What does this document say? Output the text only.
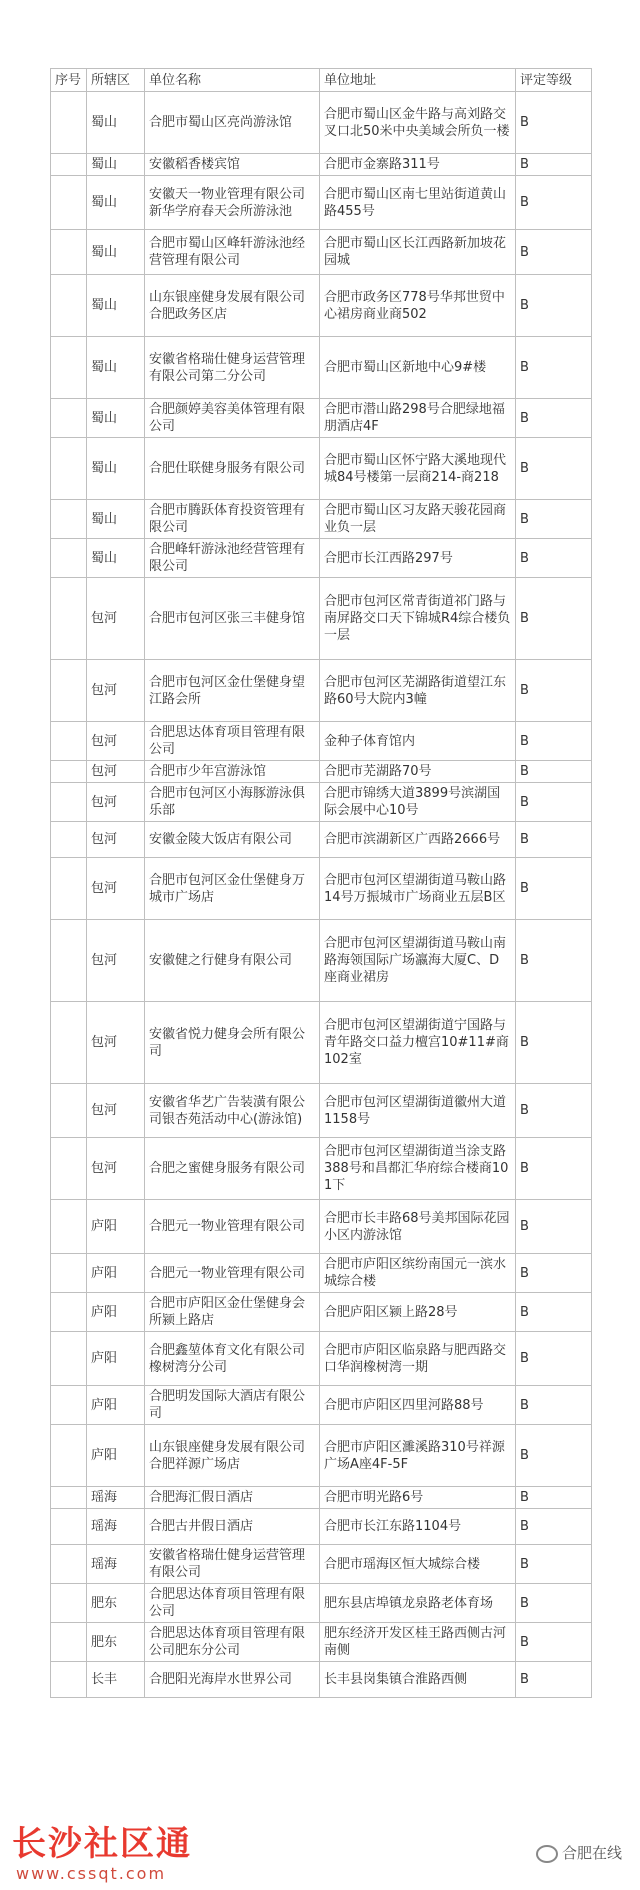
序号	所辖区	单位名称	单位地址	评定等级
	蜀山	合肥市蜀山区亮尚游泳馆	合肥市蜀山区金牛路与高刘路交叉口北50米中央美域会所负一楼	B
	蜀山	安徽稻香楼宾馆	合肥市金寨路311号	B
	蜀山	安徽天一物业管理有限公司新华学府春天会所游泳池	合肥市蜀山区南七里站街道黄山路455号	B
	蜀山	合肥市蜀山区峰轩游泳池经营管理有限公司	合肥市蜀山区长江西路新加坡花园城	B
	蜀山	山东银座健身发展有限公司合肥政务区店	合肥市政务区778号华邦世贸中心裙房商业商502	B
	蜀山	安徽省格瑞仕健身运营管理有限公司第二分公司	合肥市蜀山区新地中心9#楼	B
	蜀山	合肥颜婷美容美体管理有限公司	合肥市潜山路298号合肥绿地福朋酒店4F	B
	蜀山	合肥仕联健身服务有限公司	合肥市蜀山区怀宁路大溪地现代城84号楼第一层商214-商218	B
	蜀山	合肥市腾跃体育投资管理有限公司	合肥市蜀山区习友路天骏花园商业负一层	B
	蜀山	合肥峰轩游泳池经营管理有限公司	合肥市长江西路297号	B
	包河	合肥市包河区张三丰健身馆	合肥市包河区常青街道祁门路与南屏路交口天下锦城R4综合楼负一层	B
	包河	合肥市包河区金仕堡健身望江路会所	合肥市包河区芜湖路街道望江东路60号大院内3幢	B
	包河	合肥思达体育项目管理有限公司	金种子体育馆内	B
	包河	合肥市少年宫游泳馆	合肥市芜湖路70号	B
	包河	合肥市包河区小海豚游泳俱乐部	合肥市锦绣大道3899号滨湖国际会展中心10号	B
	包河	安徽金陵大饭店有限公司	合肥市滨湖新区广西路2666号	B
	包河	合肥市包河区金仕堡健身万城市广场店	合肥市包河区望湖街道马鞍山路14号万振城市广场商业五层B区	B
	包河	安徽健之行健身有限公司	合肥市包河区望湖街道马鞍山南路海领国际广场瀛海大厦C、D座商业裙房	B
	包河	安徽省悦力健身会所有限公司	合肥市包河区望湖街道宁国路与青年路交口益力檀宫10#11#商102室	B
	包河	安徽省华艺广告装潢有限公司银杏苑活动中心(游泳馆)	合肥市包河区望湖街道徽州大道1158号	B
	包河	合肥之蜜健身服务有限公司	合肥市包河区望湖街道当涂支路388号和昌都汇华府综合楼商101下	B
	庐阳	合肥元一物业管理有限公司	合肥市长丰路68号美邦国际花园小区内游泳馆	B
	庐阳	合肥元一物业管理有限公司	合肥市庐阳区缤纷南国元一滨水城综合楼	B
	庐阳	合肥市庐阳区金仕堡健身会所颍上路店	合肥庐阳区颍上路28号	B
	庐阳	合肥鑫堃体育文化有限公司橡树湾分公司	合肥市庐阳区临泉路与肥西路交口华润橡树湾一期	B
	庐阳	合肥明发国际大酒店有限公司	合肥市庐阳区四里河路88号	B
	庐阳	山东银座健身发展有限公司合肥祥源广场店	合肥市庐阳区濉溪路310号祥源广场A座4F-5F	B
	瑶海	合肥海汇假日酒店	合肥市明光路6号	B
	瑶海	合肥古井假日酒店	合肥市长江东路1104号	B
	瑶海	安徽省格瑞仕健身运营管理有限公司	合肥市瑶海区恒大城综合楼	B
	肥东	合肥思达体育项目管理有限公司	肥东县店埠镇龙泉路老体育场	B
	肥东	合肥思达体育项目管理有限公司肥东分公司	肥东经济开发区桂王路西侧古河南侧	B
	长丰	合肥阳光海岸水世界公司	长丰县岗集镇合淮路西侧	B
长沙社区通
www.cssqt.com
合肥在线
